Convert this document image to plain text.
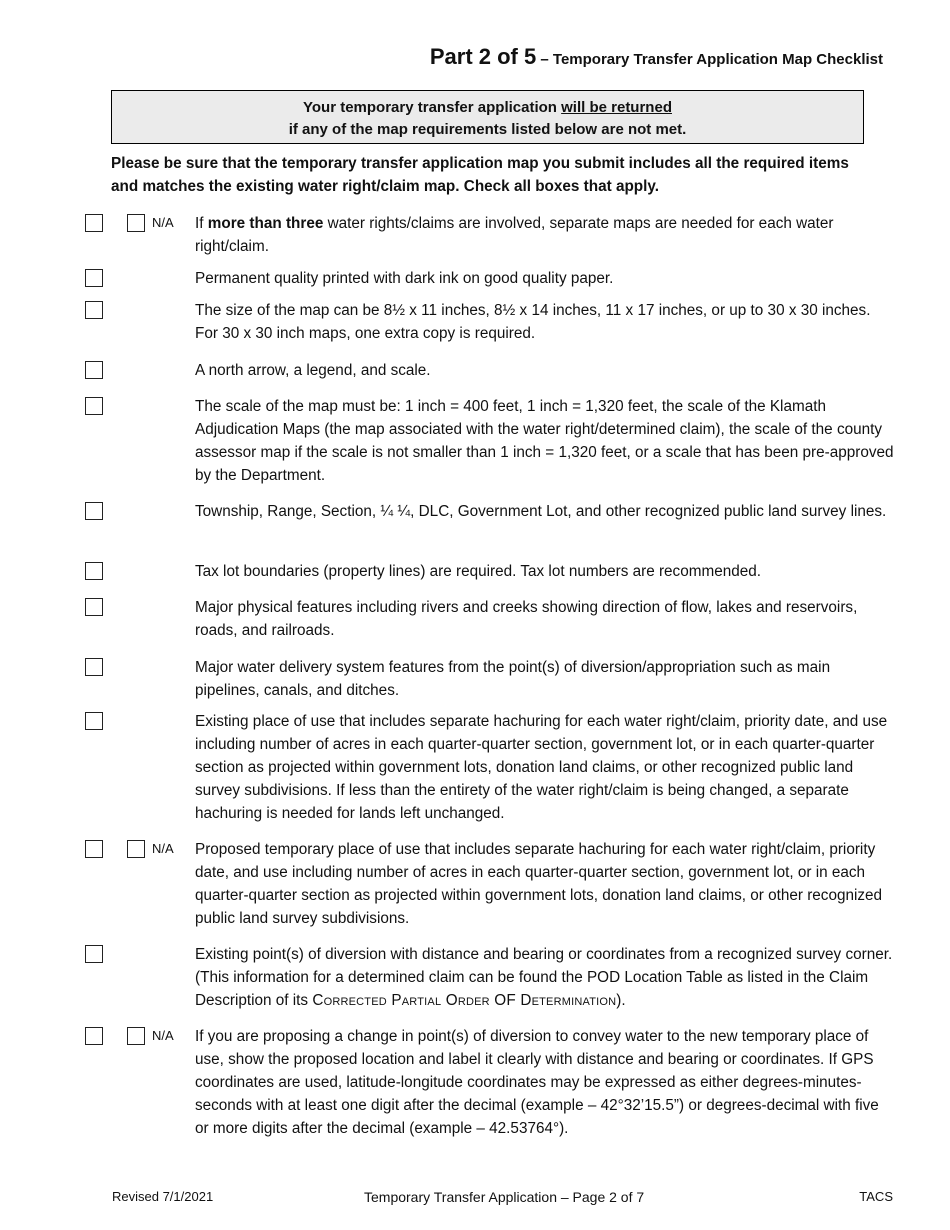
Part 2 of 5 – Temporary Transfer Application Map Checklist
Your temporary transfer application will be returned
if any of the map requirements listed below are not met.
Please be sure that the temporary transfer application map you submit includes all the required items and matches the existing water right/claim map. Check all boxes that apply.
N/A If more than three water rights/claims are involved, separate maps are needed for each water right/claim.
Permanent quality printed with dark ink on good quality paper.
The size of the map can be 8½ x 11 inches, 8½ x 14 inches, 11 x 17 inches, or up to 30 x 30 inches. For 30 x 30 inch maps, one extra copy is required.
A north arrow, a legend, and scale.
The scale of the map must be: 1 inch = 400 feet, 1 inch = 1,320 feet, the scale of the Klamath Adjudication Maps (the map associated with the water right/determined claim), the scale of the county assessor map if the scale is not smaller than 1 inch = 1,320 feet, or a scale that has been pre-approved by the Department.
Township, Range, Section, ¼ ¼, DLC, Government Lot, and other recognized public land survey lines.
Tax lot boundaries (property lines) are required. Tax lot numbers are recommended.
Major physical features including rivers and creeks showing direction of flow, lakes and reservoirs, roads, and railroads.
Major water delivery system features from the point(s) of diversion/appropriation such as main pipelines, canals, and ditches.
Existing place of use that includes separate hachuring for each water right/claim, priority date, and use including number of acres in each quarter-quarter section, government lot, or in each quarter-quarter section as projected within government lots, donation land claims, or other recognized public land survey subdivisions. If less than the entirety of the water right/claim is being changed, a separate hachuring is needed for lands left unchanged.
N/A Proposed temporary place of use that includes separate hachuring for each water right/claim, priority date, and use including number of acres in each quarter-quarter section, government lot, or in each quarter-quarter section as projected within government lots, donation land claims, or other recognized public land survey subdivisions.
Existing point(s) of diversion with distance and bearing or coordinates from a recognized survey corner. (This information for a determined claim can be found the POD Location Table as listed in the Claim Description of its Corrected Partial Order OF Determination).
N/A If you are proposing a change in point(s) of diversion to convey water to the new temporary place of use, show the proposed location and label it clearly with distance and bearing or coordinates. If GPS coordinates are used, latitude-longitude coordinates may be expressed as either degrees-minutes-seconds with at least one digit after the decimal (example – 42°32’15.5”) or degrees-decimal with five or more digits after the decimal (example – 42.53764°).
Revised 7/1/2021	Temporary Transfer Application – Page 2 of 7	TACS
